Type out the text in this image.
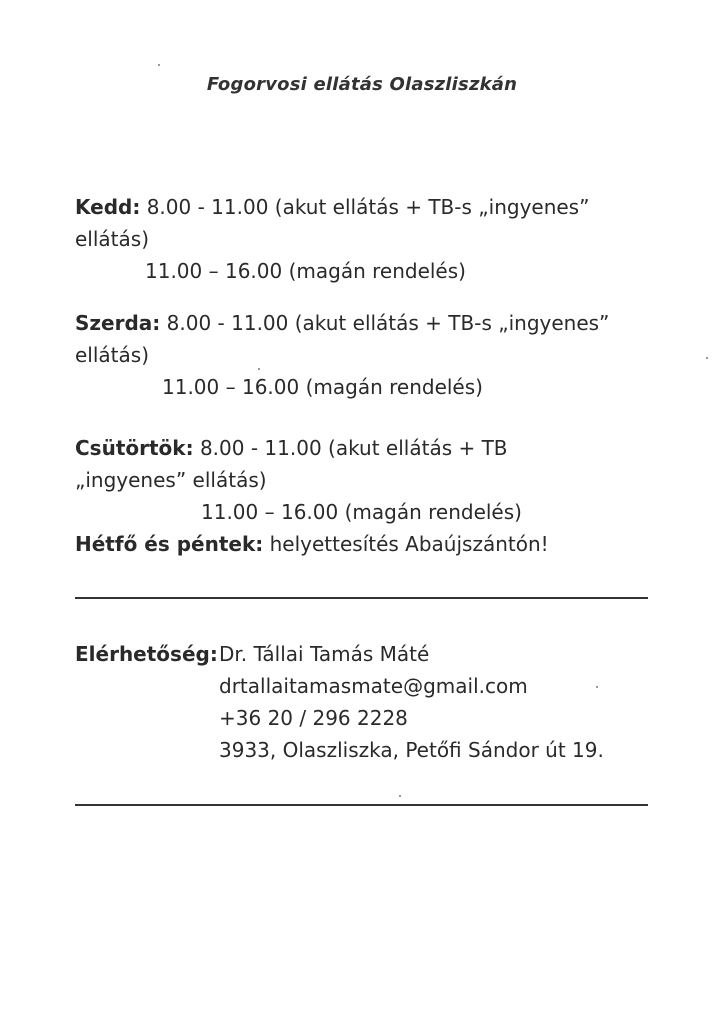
Fogorvosi ellátás Olaszliszkán
Kedd: 8.00 - 11.00 (akut ellátás + TB-s „ingyenes”
ellátás)
11.00 – 16.00 (magán rendelés)
Szerda: 8.00 - 11.00 (akut ellátás + TB-s „ingyenes”
ellátás)
11.00 – 16.00 (magán rendelés)
Csütörtök: 8.00 - 11.00 (akut ellátás + TB
„ingyenes” ellátás)
11.00 – 16.00 (magán rendelés)
Hétfő és péntek: helyettesítés Abaújszántón!
Elérhetőség: Dr. Tállai Tamás Máté
drtallaitamasmate@gmail.com
+36 20 / 296 2228
3933, Olaszliszka, Petőfi Sándor út 19.
